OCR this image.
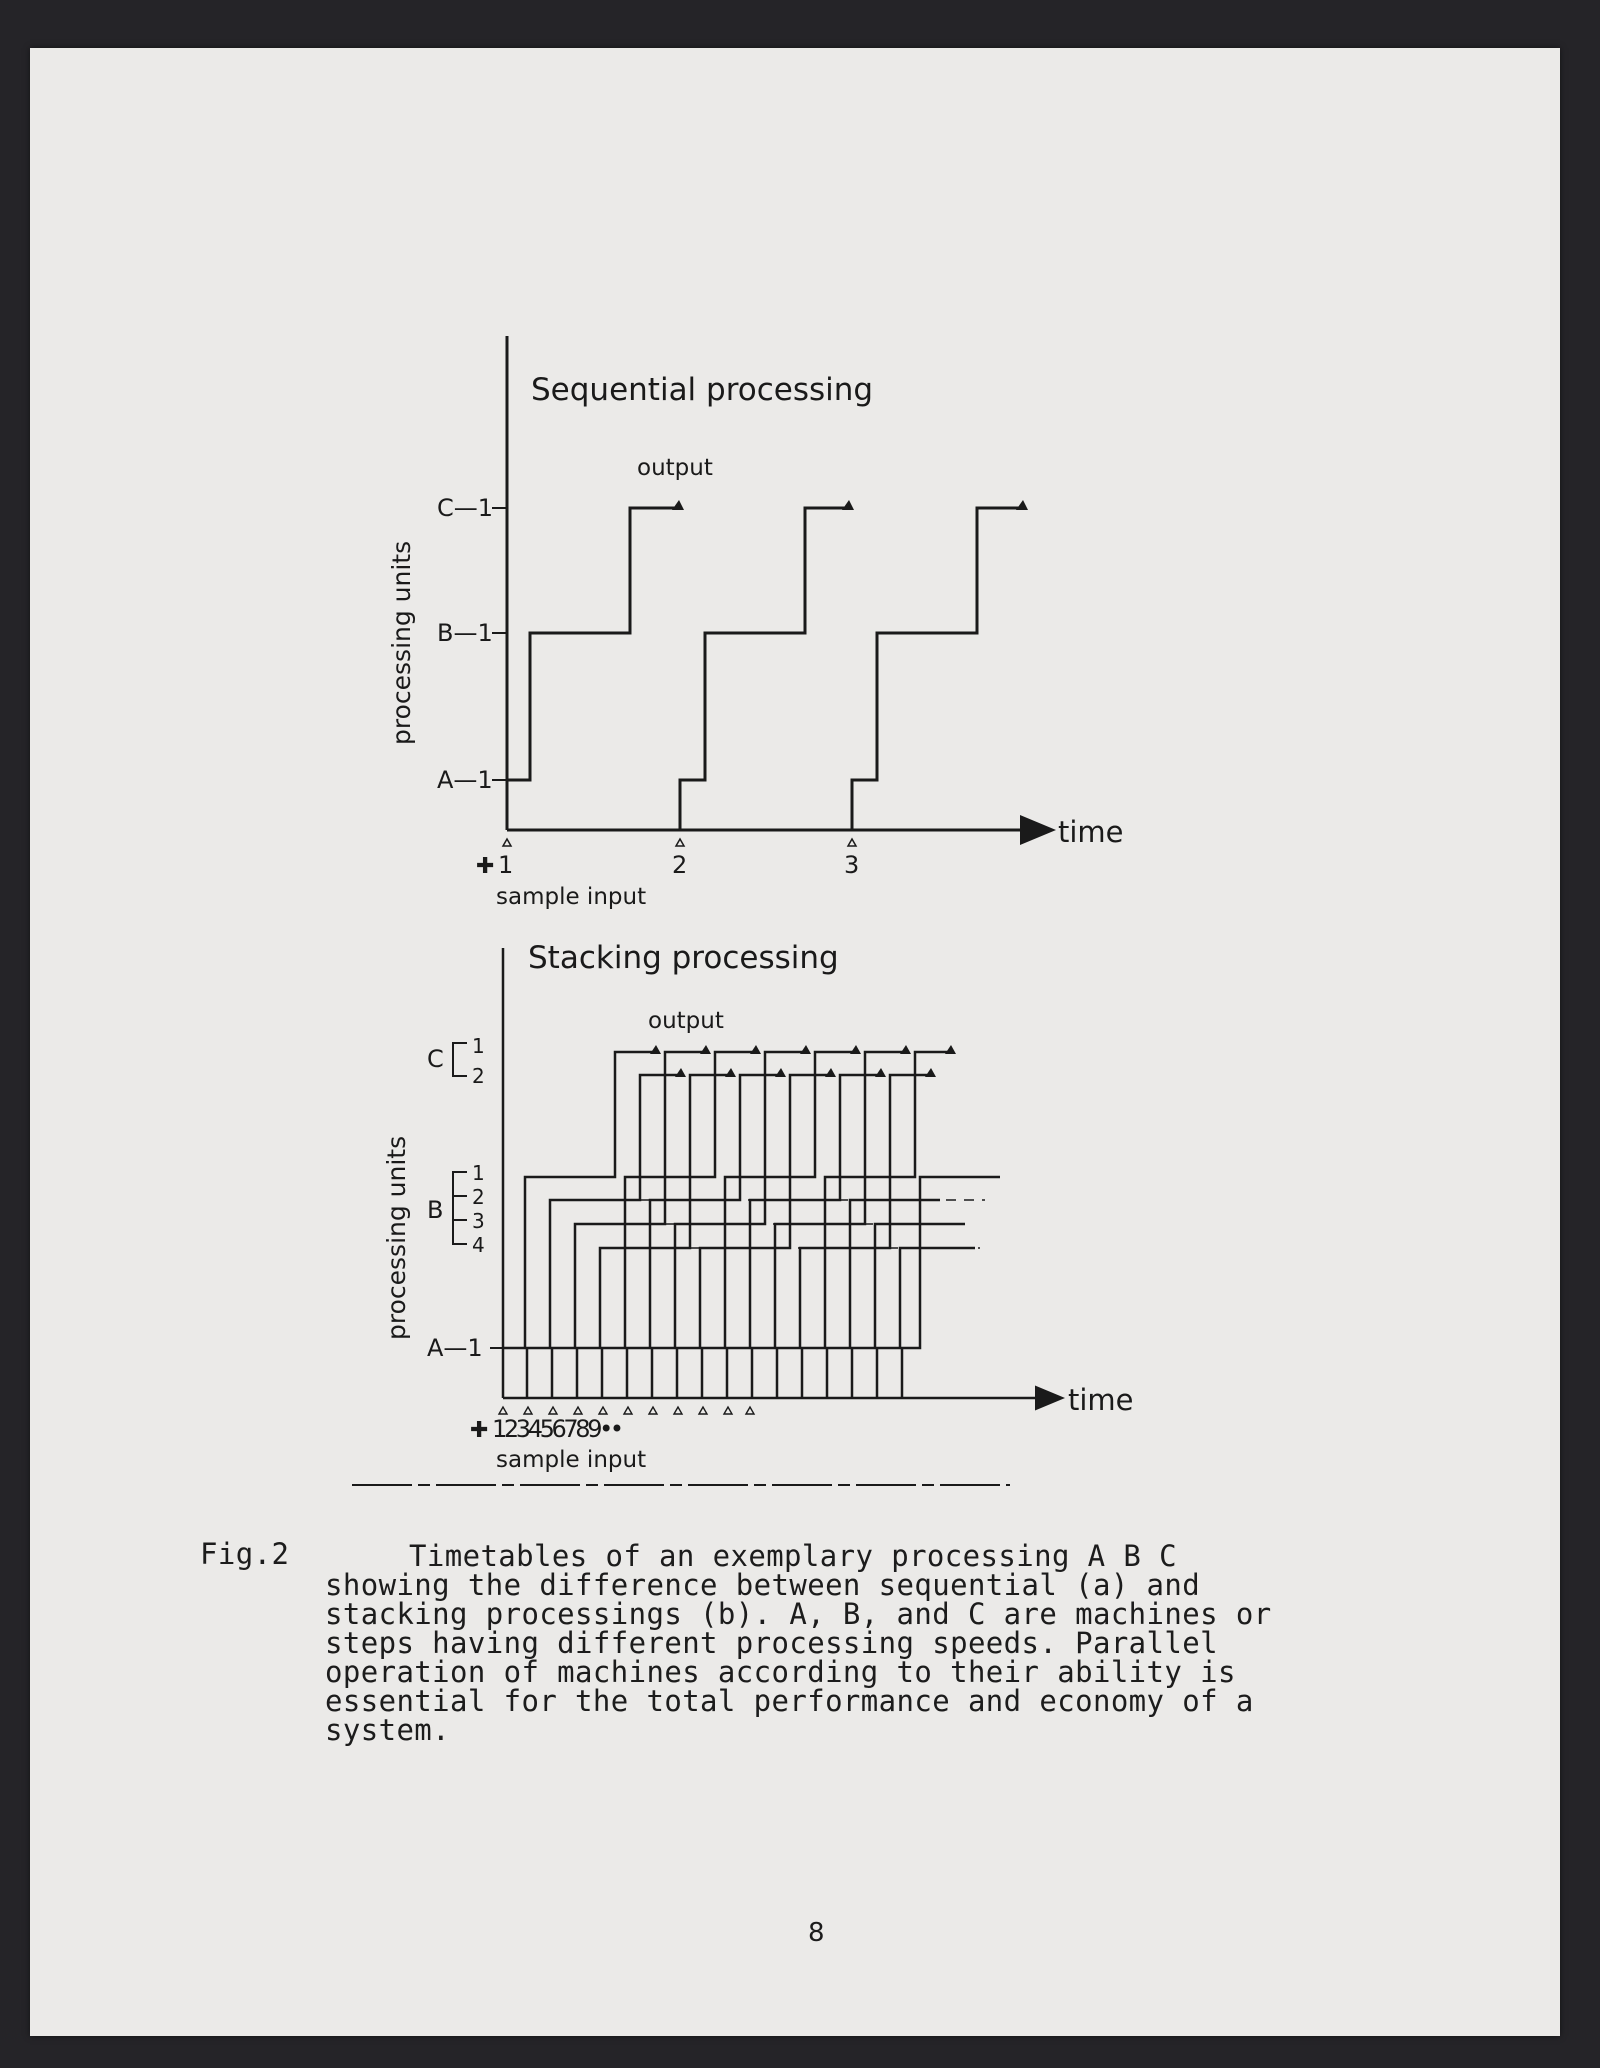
Sequential processing
output
processing units
C—1
B—1
A—1
time
✚ 1	2	3
sample input
Stacking processing
output
processing units
C 1
2
B
1
2
3
4
A—1
time
✚ 1 2 3 4 5 6 7 8 9 • •
sample input
Fig.2	Timetables of an exemplary processing A B C
showing the difference between sequential (a) and
stacking processings (b). A, B, and C are machines or
steps having different processing speeds. Parallel
operation of machines according to their ability is
essential for the total performance and economy of a
system.
8
